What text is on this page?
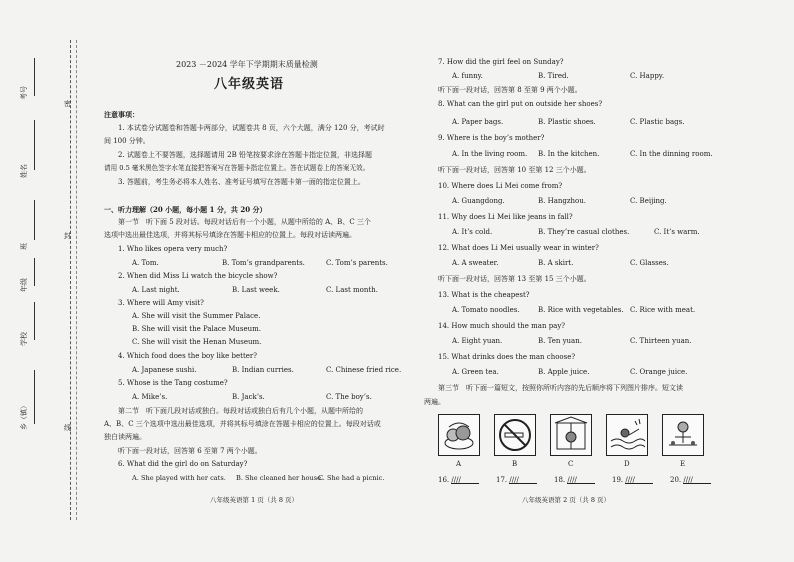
考号
姓名
班
年级
学校
乡（镇）
密
封
线
2023 －2024 学年下学期期末质量检测
八年级英语
注意事项：
1. 本试卷分试题卷和答题卡两部分，试题卷共 8 页，六个大题，满分 120 分，考试时
间 100 分钟。
2. 试题卷上不要答题，选择题请用 2B 铅笔按要求涂在答题卡指定位置，非选择题
请用 0.5 毫米黑色签字水笔直接把答案写在答题卡指定位置上。答在试题卷上的答案无效。
3. 答题前，考生务必将本人姓名、准考证号填写在答题卡第一面的指定位置上。
一、听力理解（20 小题，每小题 1 分，共 20 分）
第一节　听下面 5 段对话。每段对话后有一个小题，从题中所给的 A、B、C 三个
选项中选出最佳选项，并将其标号填涂在答题卡相应的位置上。每段对话读两遍。
1. Who likes opera very much?
A. Tom.	B. Tom’s grandparents.	C. Tom’s parents.
2. When did Miss Li watch the bicycle show?
A. Last night.	B. Last week.	C. Last month.
3. Where will Amy visit?
A. She will visit the Summer Palace.
B. She will visit the Palace Museum.
C. She will visit the Henan Museum.
4. Which food does the boy like better?
A. Japanese sushi.	B. Indian curries.	C. Chinese fried rice.
5. Whose is the Tang costume?
A. Mike’s.	B. Jack’s.	C. The boy’s.
第二节　听下面几段对话或独白。每段对话或独白后有几个小题，从题中所给的
A、B、C 三个选项中选出最佳选项，并将其标号填涂在答题卡相应的位置上。每段对话或
独白读两遍。
听下面一段对话，回答第 6 至第 7 两个小题。
6. What did the girl do on Saturday?
A. She played with her cats. B. She cleaned her house.
C. She had a picnic.
八年级英语第 1 页（共 8 页）
7. How did the girl feel on Sunday?
A. funny.	B. Tired.	C. Happy.
听下面一段对话，回答第 8 至第 9 两个小题。
8. What can the girl put on outside her shoes?
A. Paper bags.	B. Plastic shoes.	C. Plastic bags.
9. Where is the boy’s mother?
A. In the living room. B. In the kitchen.	C. In the dinning room.
听下面一段对话，回答第 10 至第 12 三个小题。
10. Where does Li Mei come from?
A. Guangdong.	B. Hangzhou.	C. Beijing.
11. Why does Li Mei like jeans in fall?
A. It’s cold.	B. They’re casual clothes.	C. It’s warm.
12. What does Li Mei usually wear in winter?
A. A sweater.	B. A skirt.	C. Glasses.
听下面一段对话，回答第 13 至第 15 三个小题。
13. What is the cheapest?
A. Tomato noodles.	B. Rice with vegetables. C. Rice with meat.
14. How much should the man pay?
A. Eight yuan.	B. Ten yuan.	C. Thirteen yuan.
15. What drinks does the man choose?
A. Green tea.	B. Apple juice.	C. Orange juice.
第三节　听下面一篇短文，按照你所听内容的先后顺序将下列图片排序。短文读
两遍。
A	B	C	D	E
16. ////	17. ////	18. ////	19. ////	20. ////
八年级英语第 2 页（共 8 页）
